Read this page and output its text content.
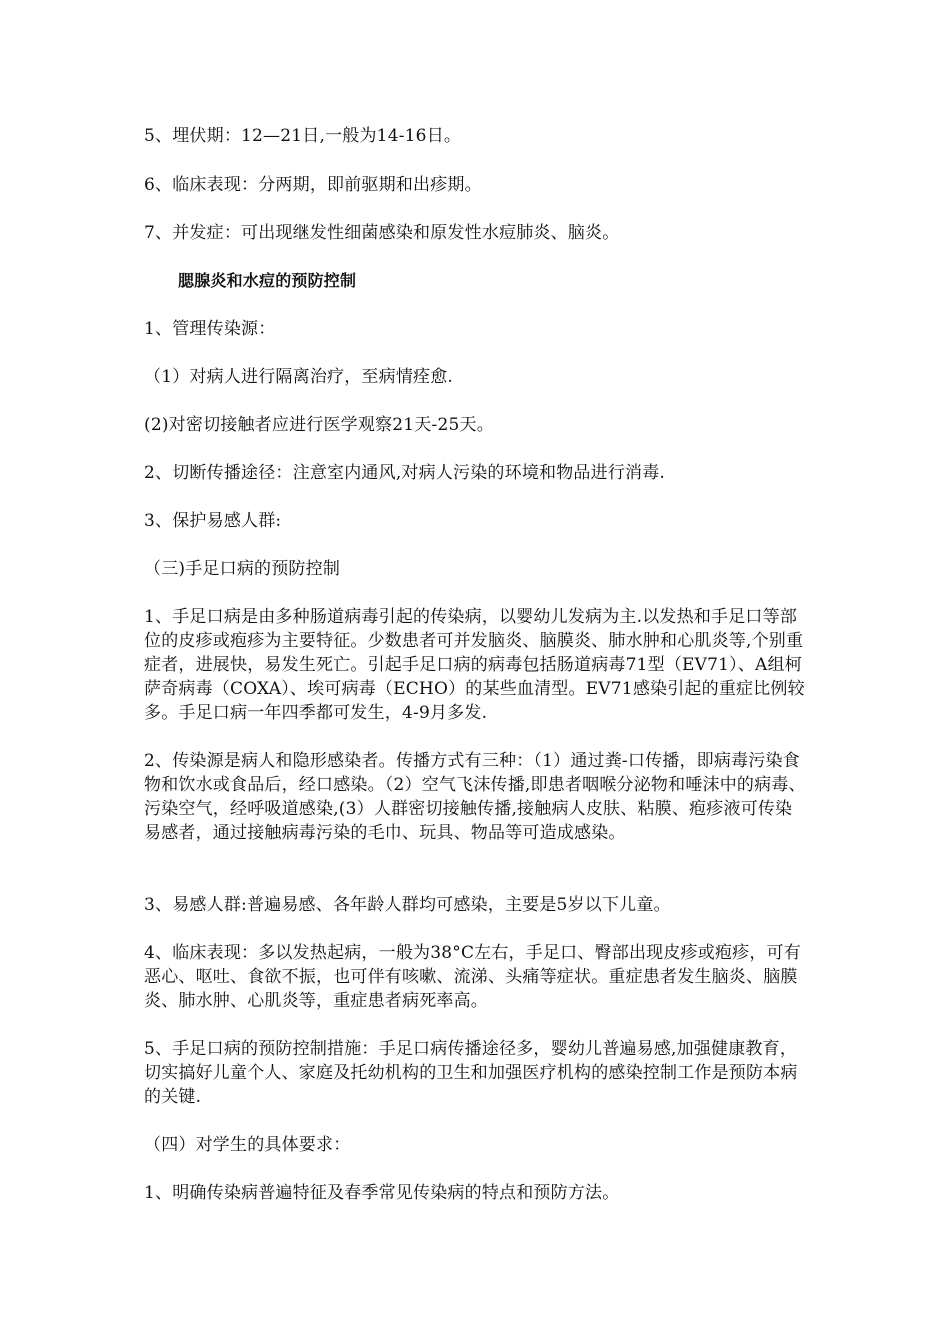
5、埋伏期：12—21日,一般为14-16日。

6、临床表现：分两期，即前驱期和出疹期。

7、并发症：可出现继发性细菌感染和原发性水痘肺炎、脑炎。

腮腺炎和水痘的预防控制

1、管理传染源：

（1）对病人进行隔离治疗，至病情痊愈.

(2)对密切接触者应进行医学观察21天-25天。

2、切断传播途径：注意室内通风,对病人污染的环境和物品进行消毒.

3、保护易感人群:

（三)手足口病的预防控制

1、手足口病是由多种肠道病毒引起的传染病，以婴幼儿发病为主.以发热和手足口等部位的皮疹或疱疹为主要特征。少数患者可并发脑炎、脑膜炎、肺水肿和心肌炎等,个别重症者，进展快，易发生死亡。引起手足口病的病毒包括肠道病毒71型（EV71）、A组柯萨奇病毒（COXA）、埃可病毒（ECHO）的某些血清型。EV71感染引起的重症比例较多。手足口病一年四季都可发生，4-9月多发.

2、传染源是病人和隐形感染者。传播方式有三种：（1）通过粪-口传播，即病毒污染食物和饮水或食品后，经口感染。（2）空气飞沫传播,即患者咽喉分泌物和唾沫中的病毒、污染空气，经呼吸道感染,(3）人群密切接触传播,接触病人皮肤、粘膜、疱疹液可传染易感者，通过接触病毒污染的毛巾、玩具、物品等可造成感染。

3、易感人群:普遍易感、各年龄人群均可感染，主要是5岁以下儿童。

4、临床表现：多以发热起病，一般为38°C左右，手足口、臀部出现皮疹或疱疹，可有恶心、呕吐、食欲不振，也可伴有咳嗽、流涕、头痛等症状。重症患者发生脑炎、脑膜炎、肺水肿、心肌炎等，重症患者病死率高。

5、手足口病的预防控制措施：手足口病传播途径多，婴幼儿普遍易感,加强健康教育，切实搞好儿童个人、家庭及托幼机构的卫生和加强医疗机构的感染控制工作是预防本病的关键.

（四）对学生的具体要求：

1、明确传染病普遍特征及春季常见传染病的特点和预防方法。
